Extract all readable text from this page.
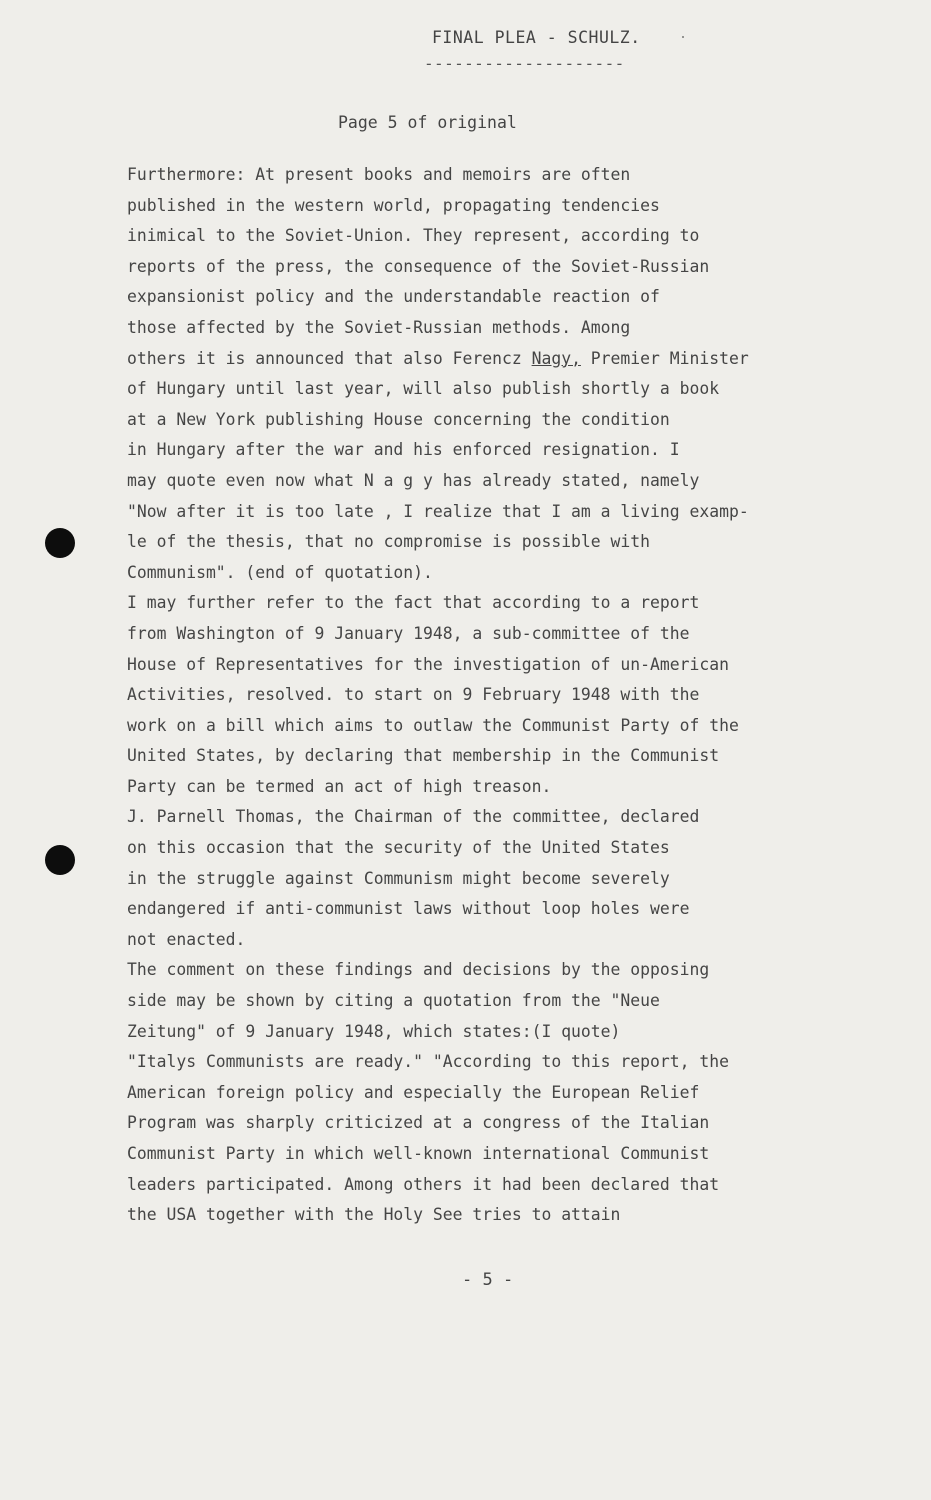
FINAL PLEA - SCHULZ.
--------------------
Page 5 of original
Furthermore: At present books and memoirs are often
published in the western world, propagating tendencies
inimical to the Soviet-Union. They represent, according to
reports of the press, the consequence of the Soviet-Russian
expansionist policy and the understandable reaction of
those affected by the Soviet-Russian methods. Among
others it is announced that also Ferencz Nagy, Premier Minister
of Hungary until last year, will also publish shortly a book
at a New York publishing House concerning the condition
in Hungary after the war and his enforced resignation. I
may quote even now what N a g y has already stated, namely
"Now after it is too late , I realize that I am a living examp-
le of the thesis, that no compromise is possible with
Communism". (end of quotation).
I may further refer to the fact that according to a report
from Washington of 9 January 1948, a sub-committee of the
House of Representatives for the investigation of un-American
Activities, resolved. to start on 9 February 1948 with the
work on a bill which aims to outlaw the Communist Party of the
United States, by declaring that membership in the Communist
Party can be termed an act of high treason.
J. Parnell Thomas, the Chairman of the committee, declared
on this occasion that the security of the United States
in the struggle against Communism might become severely
endangered if anti-communist laws without loop holes were
not enacted.
The comment on these findings and decisions by the opposing
side may be shown by citing a quotation from the "Neue
Zeitung" of 9 January 1948, which states:(I quote)
"Italys Communists are ready." "According to this report, the
American foreign policy and especially the European Relief
Program was sharply criticized at a congress of the Italian
Communist Party in which well-known international Communist
leaders participated. Among others it had been declared that
the USA together with the Holy See tries to attain
- 5 -
